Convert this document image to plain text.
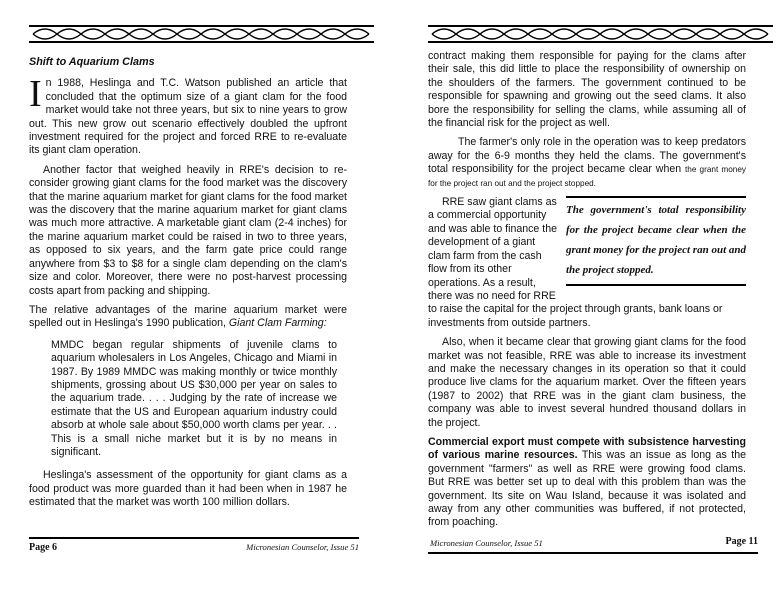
Shift to Aquarium Clams

In 1988, Heslinga and T.C. Watson published an article that concluded that the optimum size of a giant clam for the food market would take not three years, but six to nine years to grow out. This new grow out scenario effectively doubled the upfront investment required for the project and forced RRE to re-evaluate its giant clam operation.

Another factor that weighed heavily in RRE's decision to re-consider growing giant clams for the food market was the discovery that the marine aquarium market for giant clams for the food market was the discovery that the marine aquarium market for giant clams was much more attractive. A marketable giant clam (2-4 inches) for the marine aquarium market could be raised in two to three years, as opposed to six years, and the farm gate price could range anywhere from $3 to $8 for a single clam depending on the clam's size and color. Moreover, there were no post-harvest processing costs apart from packing and shipping.

The relative advantages of the marine aquarium market were spelled out in Heslinga's 1990 publication, Giant Clam Farming:

MMDC began regular shipments of juvenile clams to aquarium wholesalers in Los Angeles, Chicago and Miami in 1987. By 1989 MMDC was making monthly or twice monthly shipments, grossing about US $30,000 per year on sales to the aquarium trade. . . . Judging by the rate of increase we estimate that the US and European aquarium industry could absorb at whole sale about $50,000 worth clams per year. . . This is a small niche market but it is by no means in significant.

Heslinga's assessment of the opportunity for giant clams as a food product was more guarded than it had been when in 1987 he estimated that the market was worth 100 million dollars.

Page 6	Micronesian Counselor, Issue 51

contract making them responsible for paying for the clams after their sale, this did little to place the responsibility of ownership on the shoulders of the farmers. The government continued to be responsible for spawning and growing out the seed clams. It also bore the responsibility for selling the clams, while assuming all of the financial risk for the project as well.

The farmer's only role in the operation was to keep predators away for the 6-9 months they held the clams. The government's total responsibility for the project became clear when the grant money for the project ran out and the project stopped.

The government's total responsibility for the project became clear when the grant money for the project ran out and the project stopped.

RRE saw giant clams as a commercial opportunity and was able to finance the development of a giant clam farm from the cash flow from its other operations. As a result, there was no need for RRE to raise the capital for the project through grants, bank loans or investments from outside partners.

Also, when it became clear that growing giant clams for the food market was not feasible, RRE was able to increase its investment and make the necessary changes in its operation so that it could produce live clams for the aquarium market. Over the fifteen years (1987 to 2002) that RRE was in the giant clam business, the company was able to invest several hundred thousand dollars in the project.

Commercial export must compete with subsistence harvesting of various marine resources. This was an issue as long as the government "farmers" as well as RRE were growing food clams. But RRE was better set up to deal with this problem than was the government. Its site on Wau Island, because it was isolated and away from any other communities was buffered, if not protected, from poaching.

Micronesian Counselor, Issue 51	Page 11
